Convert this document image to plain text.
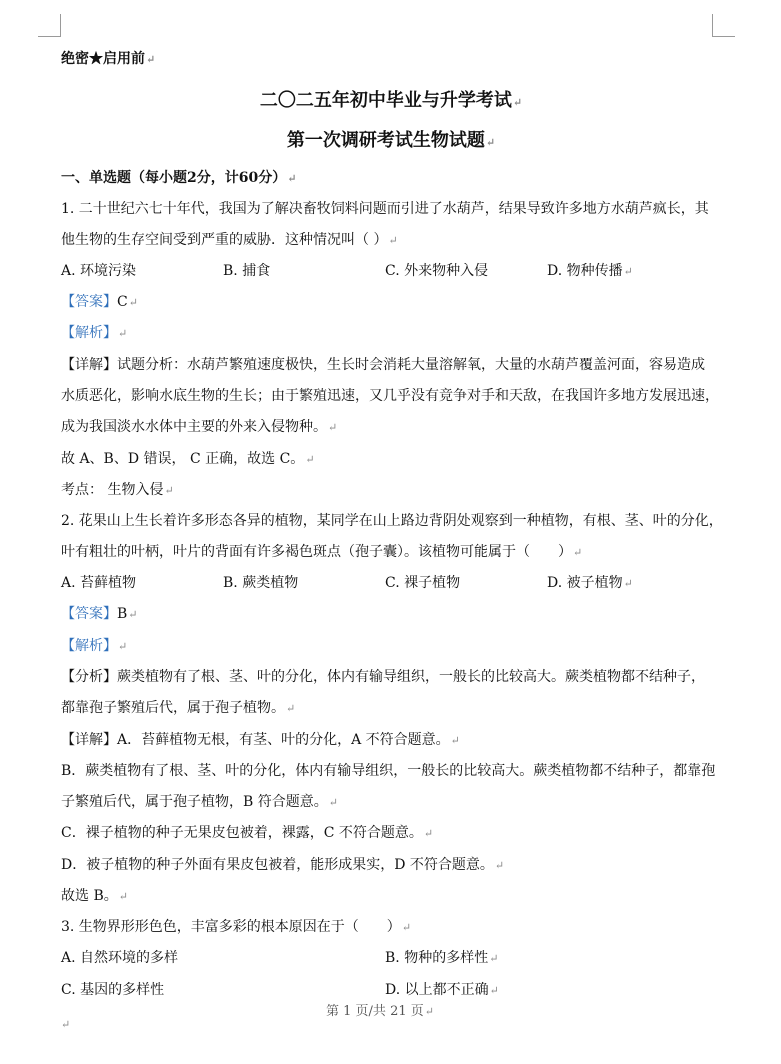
绝密★启用前↵
二〇二五年初中毕业与升学考试↵
第一次调研考试生物试题↵
一、单选题（每小题2分，计60分）↵
1. 二十世纪六七十年代，我国为了解决畜牧饲料问题而引进了水葫芦，结果导致许多地方水葫芦疯长，其
他生物的生存空间受到严重的威胁．这种情况叫（ ）↵
A. 环境污染	B. 捕食	C. 外来物种入侵	D. 物种传播↵
【答案】C↵
【解析】↵
【详解】试题分析：水葫芦繁殖速度极快，生长时会消耗大量溶解氧，大量的水葫芦覆盖河面，容易造成
水质恶化，影响水底生物的生长；由于繁殖迅速，又几乎没有竞争对手和天敌，在我国许多地方发展迅速，
成为我国淡水水体中主要的外来入侵物种。↵
故 A、B、D 错误， C 正确，故选 C。↵
考点： 生物入侵↵
2. 花果山上生长着许多形态各异的植物，某同学在山上路边背阴处观察到一种植物，有根、茎、叶的分化，
叶有粗壮的叶柄，叶片的背面有许多褐色斑点（孢子囊）。该植物可能属于（　　）↵
A. 苔藓植物	B. 蕨类植物	C. 裸子植物	D. 被子植物↵
【答案】B↵
【解析】↵
【分析】蕨类植物有了根、茎、叶的分化，体内有输导组织，一般长的比较高大。蕨类植物都不结种子，
都靠孢子繁殖后代，属于孢子植物。↵
【详解】A．苔藓植物无根，有茎、叶的分化，A 不符合题意。↵
B．蕨类植物有了根、茎、叶的分化，体内有输导组织，一般长的比较高大。蕨类植物都不结种子，都靠孢
子繁殖后代，属于孢子植物，B 符合题意。↵
C．裸子植物的种子无果皮包被着，裸露，C 不符合题意。↵
D．被子植物的种子外面有果皮包被着，能形成果实，D 不符合题意。↵
故选 B。↵
3. 生物界形形色色，丰富多彩的根本原因在于（　　）↵
A. 自然环境的多样	B. 物种的多样性↵
C. 基因的多样性	D. 以上都不正确↵
第 1 页/共 21 页↵
↵
